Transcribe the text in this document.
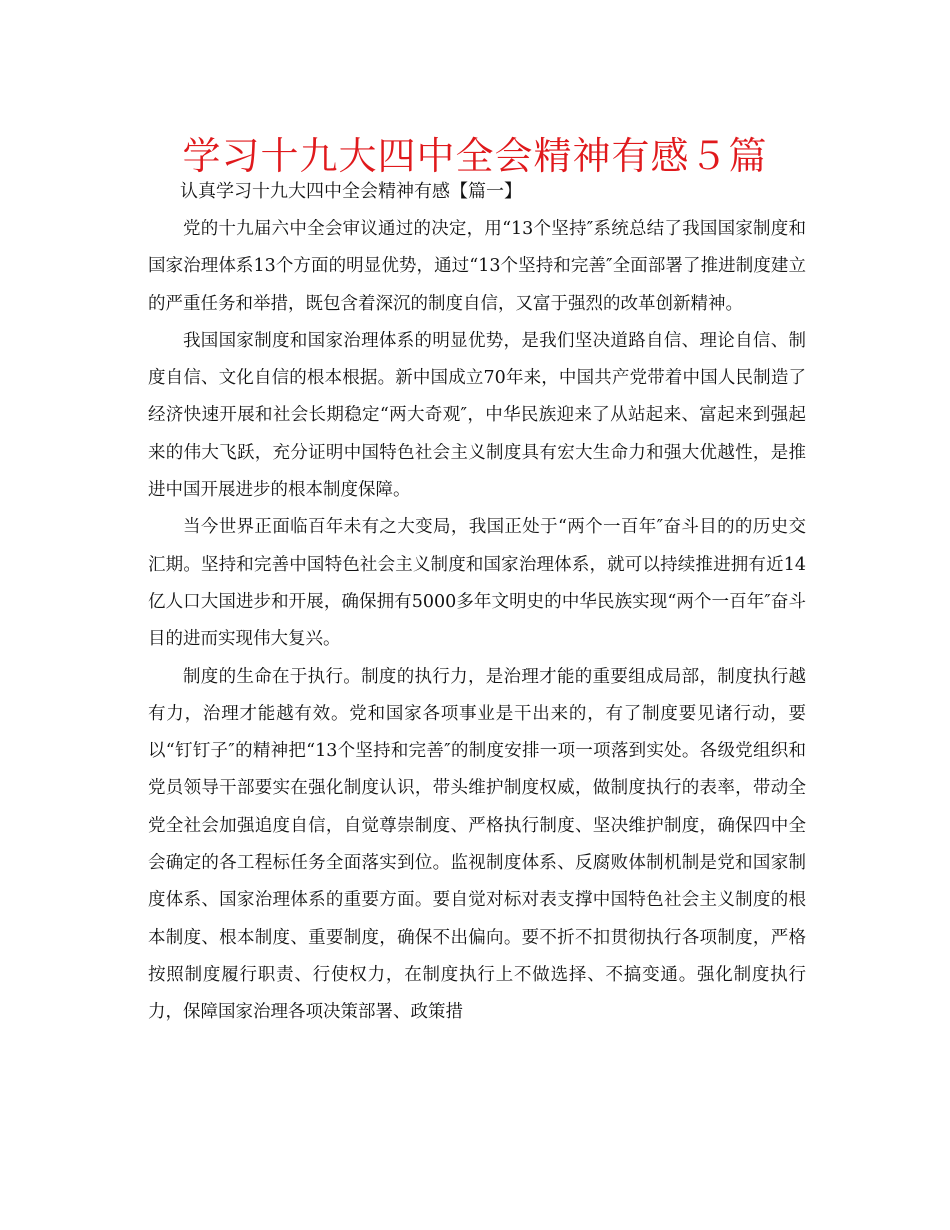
学习十九大四中全会精神有感５篇

认真学习十九大四中全会精神有感【篇一】

党的十九届六中全会审议通过的决定，用“13个坚持″系统总结了我国国家制度和国家治理体系13个方面的明显优势，通过“13个坚持和完善″全面部署了推进制度建立的严重任务和举措，既包含着深沉的制度自信，又富于强烈的改革创新精神。

我国国家制度和国家治理体系的明显优势，是我们坚决道路自信、理论自信、制度自信、文化自信的根本根据。新中国成立70年来，中国共产党带着中国人民制造了经济快速开展和社会长期稳定“两大奇观″，中华民族迎来了从站起来、富起来到强起来的伟大飞跃，充分证明中国特色社会主义制度具有宏大生命力和强大优越性，是推进中国开展进步的根本制度保障。

当今世界正面临百年未有之大变局，我国正处于“两个一百年″奋斗目的的历史交汇期。坚持和完善中国特色社会主义制度和国家治理体系，就可以持续推进拥有近14亿人口大国进步和开展，确保拥有5000多年文明史的中华民族实现“两个一百年″奋斗目的进而实现伟大复兴。

制度的生命在于执行。制度的执行力，是治理才能的重要组成局部，制度执行越有力，治理才能越有效。党和国家各项事业是干出来的，有了制度要见诸行动，要以“钉钉子″的精神把“13个坚持和完善″的制度安排一项一项落到实处。各级党组织和党员领导干部要实在强化制度认识，带头维护制度权威，做制度执行的表率，带动全党全社会加强追度自信，自觉尊崇制度、严格执行制度、坚决维护制度，确保四中全会确定的各工程标任务全面落实到位。监视制度体系、反腐败体制机制是党和国家制度体系、国家治理体系的重要方面。要自觉对标对表支撑中国特色社会主义制度的根本制度、根本制度、重要制度，确保不出偏向。要不折不扣贯彻执行各项制度，严格按照制度履行职责、行使权力，在制度执行上不做选择、不搞变通。强化制度执行力，保障国家治理各项决策部署、政策措
